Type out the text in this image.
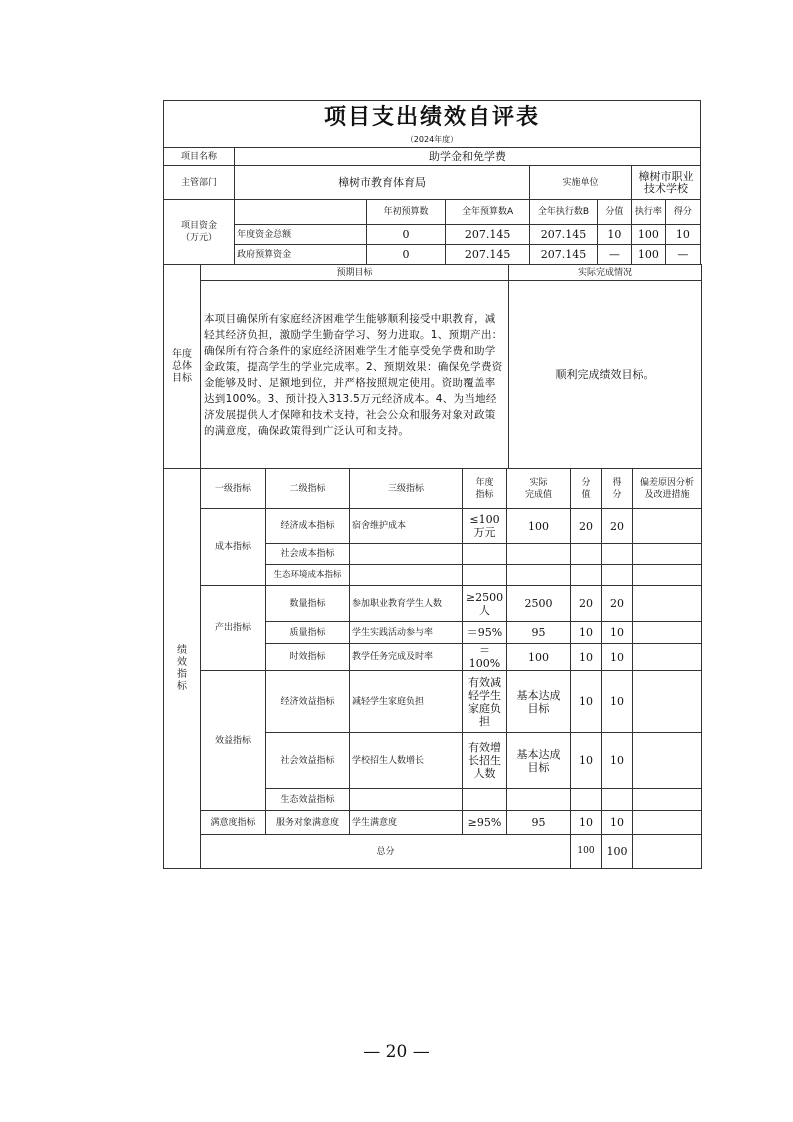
项目支出绩效自评表
（2024年度）
项目名称	助学金和免学费						
主管部门	樟树市教育体育局			实施单位		樟树市职业技术学校	
项目资金
（万元）		年初预算数	全年预算数A	全年执行数B	分值	执行率	得分
	年度资金总额	0	207.145	207.145	10	100	10
	政府预算资金	0	207.145	207.145	—	100	—
年度
总体
目标	预期目标	实际完成情况
	本项目确保所有家庭经济困难学生能够顺利接受中职教育，减轻其经济负担，激励学生勤奋学习、努力进取。1、预期产出：确保所有符合条件的家庭经济困难学生才能享受免学费和助学金政策，提高学生的学业完成率。2、预期效果：确保免学费资金能够及时、足额地到位，并严格按照规定使用。资助覆盖率达到100%。3、预计投入313.5万元经济成本。4、为当地经济发展提供人才保障和技术支持，社会公众和服务对象对政策的满意度，确保政策得到广泛认可和支持。	顺利完成绩效目标。
绩
效
指
标	一级指标	二级指标	三级指标	年度
指标	实际
完成值	分
值	得
分	偏差原因分析
及改进措施
	成本指标	经济成本指标	宿舍维护成本	≤100
万元	100	20	20	
		社会成本指标						
		生态环境成本指标						
	产出指标	数量指标	参加职业教育学生人数	≥2500
人	2500	20	20	
		质量指标	学生实践活动参与率	＝95%	95	10	10	
		时效指标	教学任务完成及时率	＝100%	100	10	10	
	效益指标	经济效益指标	减轻学生家庭负担	有效减
轻学生
家庭负
担	基本达成
目标	10	10	
		社会效益指标	学校招生人数增长	有效增
长招生
人数	基本达成
目标	10	10	
		生态效益指标						
	满意度指标	服务对象满意度	学生满意度	≥95%	95	10	10	
	总分					100	100	
— 20 —
